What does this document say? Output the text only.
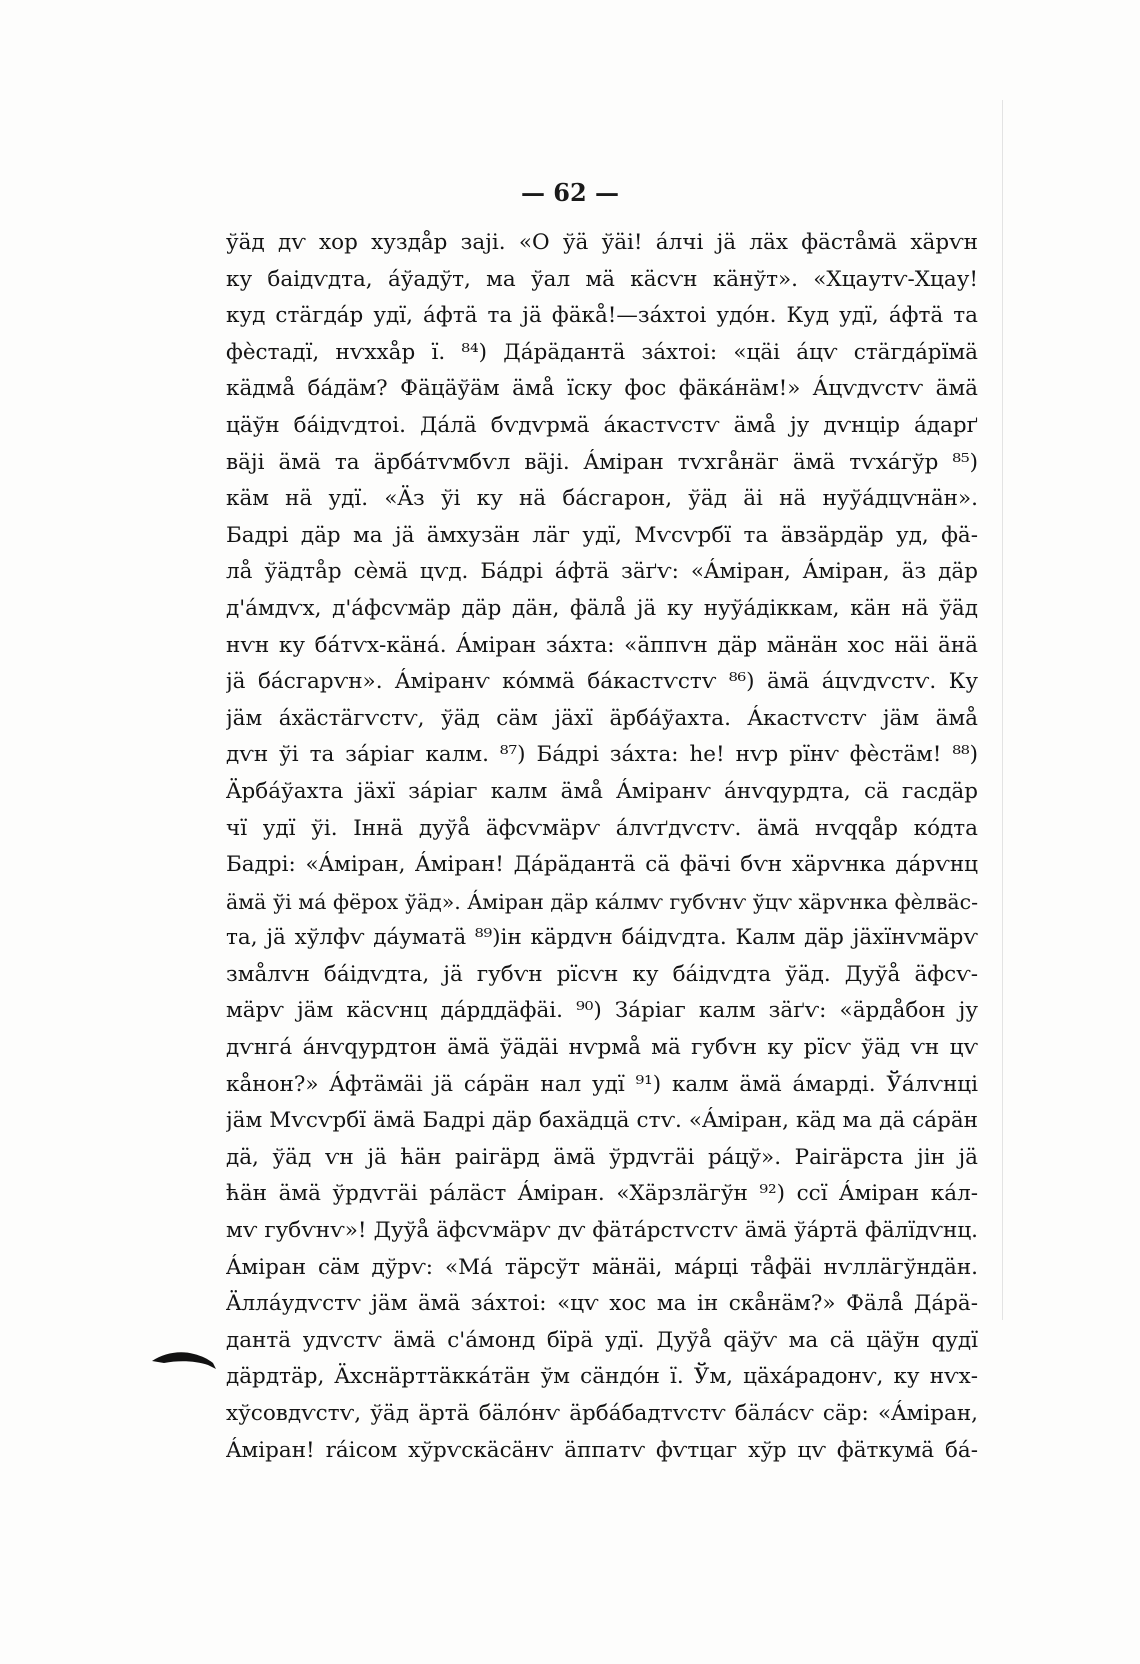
— 62 —
ўäд дѵ хор хуздåр заjі. «О ўä ўäі! áлчі jä лäх фäстåмä хäрѵн
ку баідѵдта, áўадўт, ма ўал мä кäсѵн кäнўт». «Хцаутѵ-Хцау!
куд стäгдáр удї, áфтä та jä фäкå!—зáхтоі удóн. Куд удї, áфтä та
фѐстадї, нѵххåр ї. ⁸⁴) Дáрäдантä зáхтоі: «цäі áцѵ стäгдáрїмä
кäдмå бáдäм? Фäцäўäм äмå їску фос фäкáнäм!» Áцѵдѵстѵ äмä
цäўн бáідѵдтоі. Дáлä бѵдѵрмä áкастѵстѵ äмå jу дѵнцір áдарґ
вäjі äмä та äрбáтѵмбѵл вäjі. Áміран тѵхгåнäг äмä тѵхáгўр ⁸⁵)
кäм нä удї. «Äз ўі ку нä бáсгарон, ўäд äі нä нуўáдцѵнäн».
Бадрі дäр ма jä äмхузäн лäг удї, Мѵсѵрбї та äвзäрдäр уд, фä-
лå ўäдтåр сѐмä цѵд. Бáдрі áфтä зäґѵ: «Áміран, Áміран, äз дäр
д'áмдѵх, д'áфсѵмäр дäр дäн, фäлå jä ку нуўáдіккам, кäн нä ўäд
нѵн ку бáтѵх-кäнá. Áміран зáхта: «äппѵн дäр мäнäн хос нäі äнä
jä бáсгарѵн». Áміранѵ кóммä бáкастѵстѵ ⁸⁶) äмä áцѵдѵстѵ. Ку
jäм áхäстäгѵстѵ, ўäд сäм jäхї äрбáўахта. Áкастѵстѵ jäм äмå
дѵн ўі та зáріаг калм. ⁸⁷) Бáдрі зáхта: hе! нѵр рїнѵ фѐстäм! ⁸⁸)
Äрбáўахта jäхї зáріаг калм äмå Áміранѵ áнѵqурдта, сä гасдäр
чї удї ўі. Іннä дуўå äфсѵмäрѵ áлѵґдѵстѵ. äмä нѵqqåр кóдта
Бадрі: «Áміран, Áміран! Дáрäдантä сä фäчі бѵн хäрѵнка дáрѵнц
äмä ўі мá фёрох ўäд». Áміран дäр кáлмѵ губѵнѵ ўцѵ хäрѵнка фѐлвäс-
та, jä хўлфѵ дáуматä ⁸⁹)ін кäрдѵн бáідѵдта. Калм дäр jäхїнѵмäрѵ
змåлѵн бáідѵдта, jä губѵн рїсѵн ку бáідѵдта ўäд. Дуўå äфсѵ-
мäрѵ jäм кäсѵнц дáрддäфäі. ⁹⁰) Зáріаг калм зäґѵ: «äрдåбон jу
дѵнгá áнѵqурдтон äмä ўäдäі нѵрмå мä губѵн ку рїсѵ ўäд ѵн цѵ
кåнон?» Áфтäмäі jä сáрäн нал удї ⁹¹) калм äмä áмарді. Ўáлѵнці
jäм Мѵсѵрбї äмä Бадрі дäр бахäдцä стѵ. «Áміран, кäд ма дä сáрäн
дä, ўäд ѵн jä ћäн раігäрд äмä ўрдѵгäі рáцў». Раігäрста jін jä
ћäн äмä ўрдѵгäі рáлäст Áміран. «Хäрзлäгўн ⁹²) ссї Áміран кáл-
мѵ губѵнѵ»! Дуўå äфсѵмäрѵ дѵ фäтáрстѵстѵ äмä ўáртä фäлїдѵнц.
Áміран сäм дўрѵ: «Мá тäрсўт мäнäі, мáрці тåфäі нѵллäгўндäн.
Äллáудѵстѵ jäм äмä зáхтоі: «цѵ хос ма ін скåнäм?» Фäлå Дáрä-
дантä удѵстѵ äмä с'áмонд бїрä удї. Дуўå qäўѵ ма сä цäўн qудї
дäрдтäр, Äхснäрттäккáтäн ўм сäндóн ї. Ўм, цäхáрадонѵ, ку нѵх-
хўсовдѵстѵ, ўäд äртä бäлóнѵ äрбáбадтѵстѵ бäлáсѵ сäр: «Áміран,
Áміран! ráісом хўрѵскäсäнѵ äппатѵ фѵтцаг хўр цѵ фäткумä бá-
